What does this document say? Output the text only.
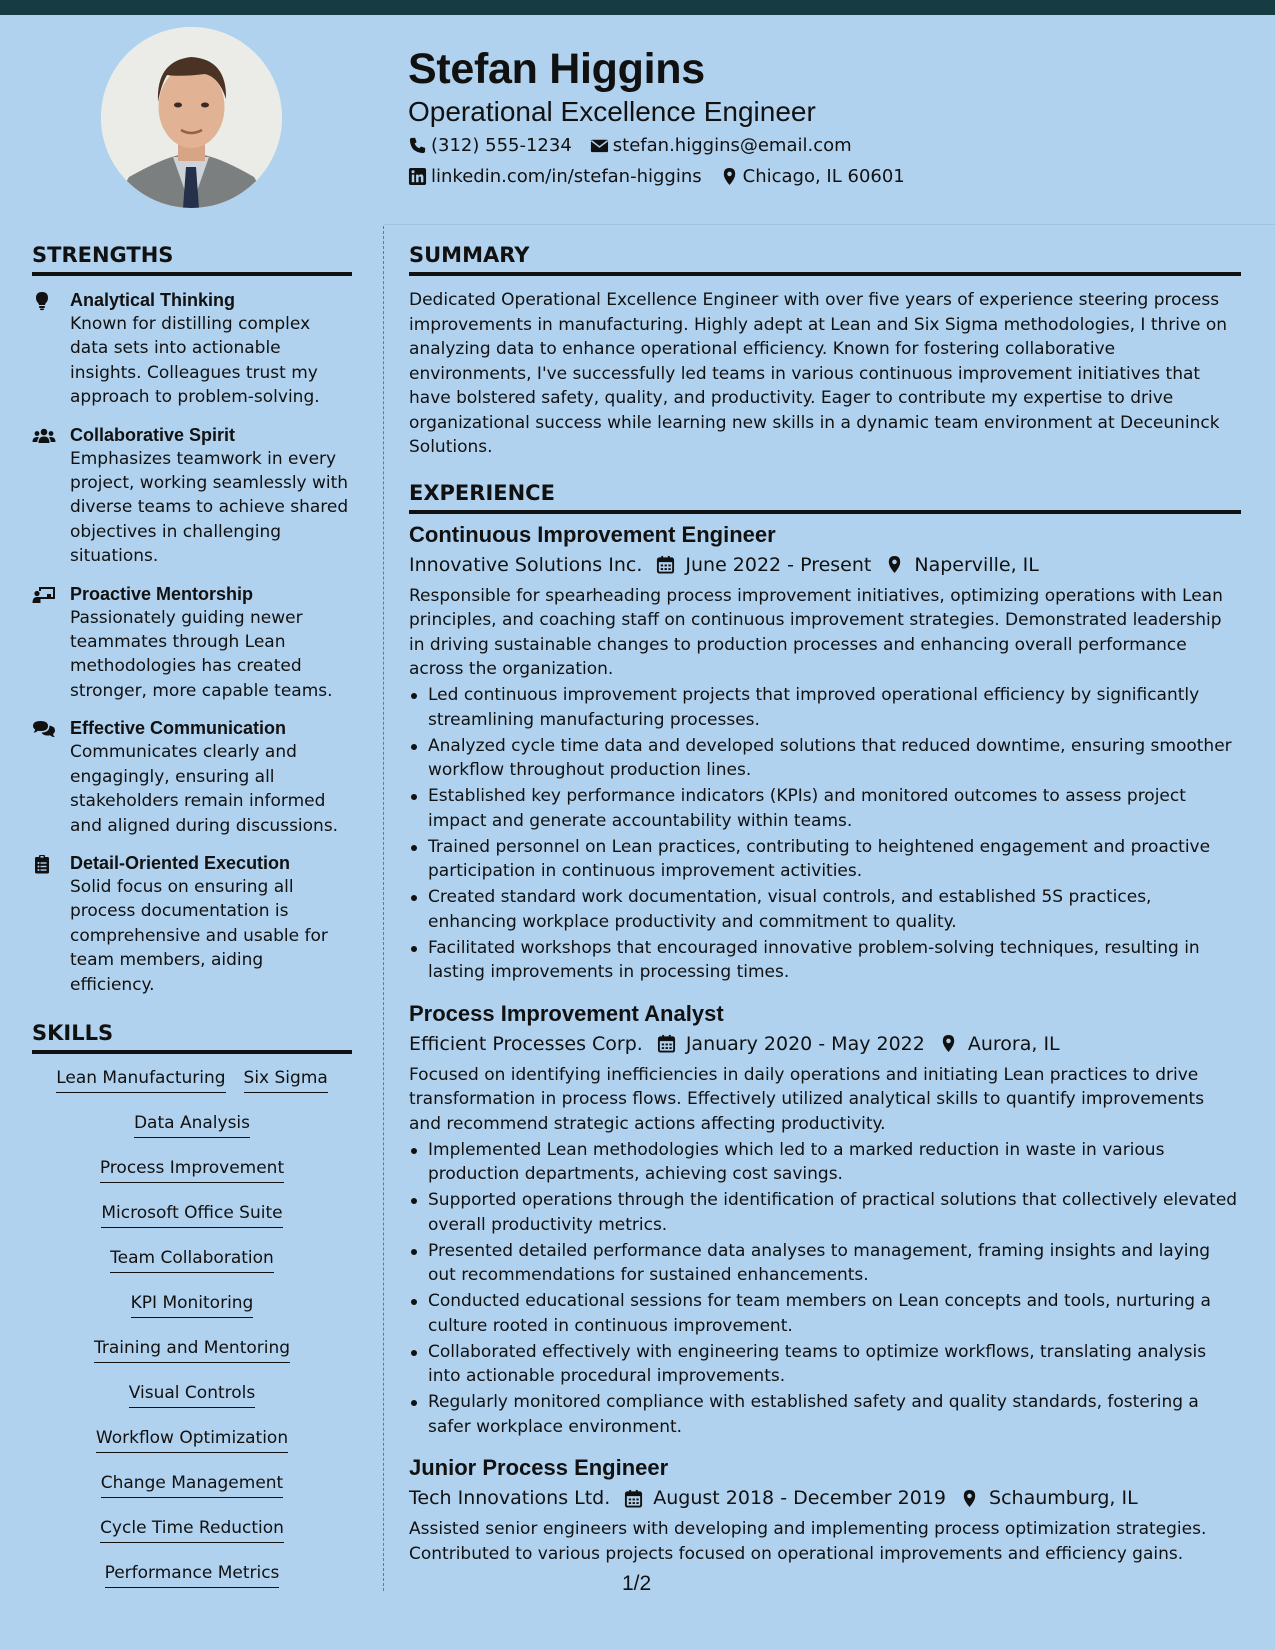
Stefan Higgins
Operational Excellence Engineer
(312) 555-1234 stefan.higgins@email.com
linkedin.com/in/stefan-higgins Chicago, IL 60601
STRENGTHS
Analytical Thinking
Known for distilling complex data sets into actionable insights. Colleagues trust my approach to problem-solving.
Collaborative Spirit
Emphasizes teamwork in every project, working seamlessly with diverse teams to achieve shared objectives in challenging situations.
Proactive Mentorship
Passionately guiding newer teammates through Lean methodologies has created stronger, more capable teams.
Effective Communication
Communicates clearly and engagingly, ensuring all stakeholders remain informed and aligned during discussions.
Detail-Oriented Execution
Solid focus on ensuring all process documentation is comprehensive and usable for team members, aiding efficiency.
SKILLS
Lean Manufacturing Six Sigma
Data Analysis
Process Improvement
Microsoft Office Suite
Team Collaboration
KPI Monitoring
Training and Mentoring
Visual Controls
Workflow Optimization
Change Management
Cycle Time Reduction
Performance Metrics
SUMMARY
Dedicated Operational Excellence Engineer with over five years of experience steering process improvements in manufacturing. Highly adept at Lean and Six Sigma methodologies, I thrive on analyzing data to enhance operational efficiency. Known for fostering collaborative environments, I've successfully led teams in various continuous improvement initiatives that have bolstered safety, quality, and productivity. Eager to contribute my expertise to drive organizational success while learning new skills in a dynamic team environment at Deceuninck Solutions.
EXPERIENCE
Continuous Improvement Engineer
Innovative Solutions Inc. June 2022 - Present Naperville, IL
Responsible for spearheading process improvement initiatives, optimizing operations with Lean principles, and coaching staff on continuous improvement strategies. Demonstrated leadership in driving sustainable changes to production processes and enhancing overall performance across the organization.
Led continuous improvement projects that improved operational efficiency by significantly streamlining manufacturing processes.
Analyzed cycle time data and developed solutions that reduced downtime, ensuring smoother workflow throughout production lines.
Established key performance indicators (KPIs) and monitored outcomes to assess project impact and generate accountability within teams.
Trained personnel on Lean practices, contributing to heightened engagement and proactive participation in continuous improvement activities.
Created standard work documentation, visual controls, and established 5S practices, enhancing workplace productivity and commitment to quality.
Facilitated workshops that encouraged innovative problem-solving techniques, resulting in lasting improvements in processing times.
Process Improvement Analyst
Efficient Processes Corp. January 2020 - May 2022 Aurora, IL
Focused on identifying inefficiencies in daily operations and initiating Lean practices to drive transformation in process flows. Effectively utilized analytical skills to quantify improvements and recommend strategic actions affecting productivity.
Implemented Lean methodologies which led to a marked reduction in waste in various production departments, achieving cost savings.
Supported operations through the identification of practical solutions that collectively elevated overall productivity metrics.
Presented detailed performance data analyses to management, framing insights and laying out recommendations for sustained enhancements.
Conducted educational sessions for team members on Lean concepts and tools, nurturing a culture rooted in continuous improvement.
Collaborated effectively with engineering teams to optimize workflows, translating analysis into actionable procedural improvements.
Regularly monitored compliance with established safety and quality standards, fostering a safer workplace environment.
Junior Process Engineer
Tech Innovations Ltd. August 2018 - December 2019 Schaumburg, IL
Assisted senior engineers with developing and implementing process optimization strategies. Contributed to various projects focused on operational improvements and efficiency gains.
1/2
